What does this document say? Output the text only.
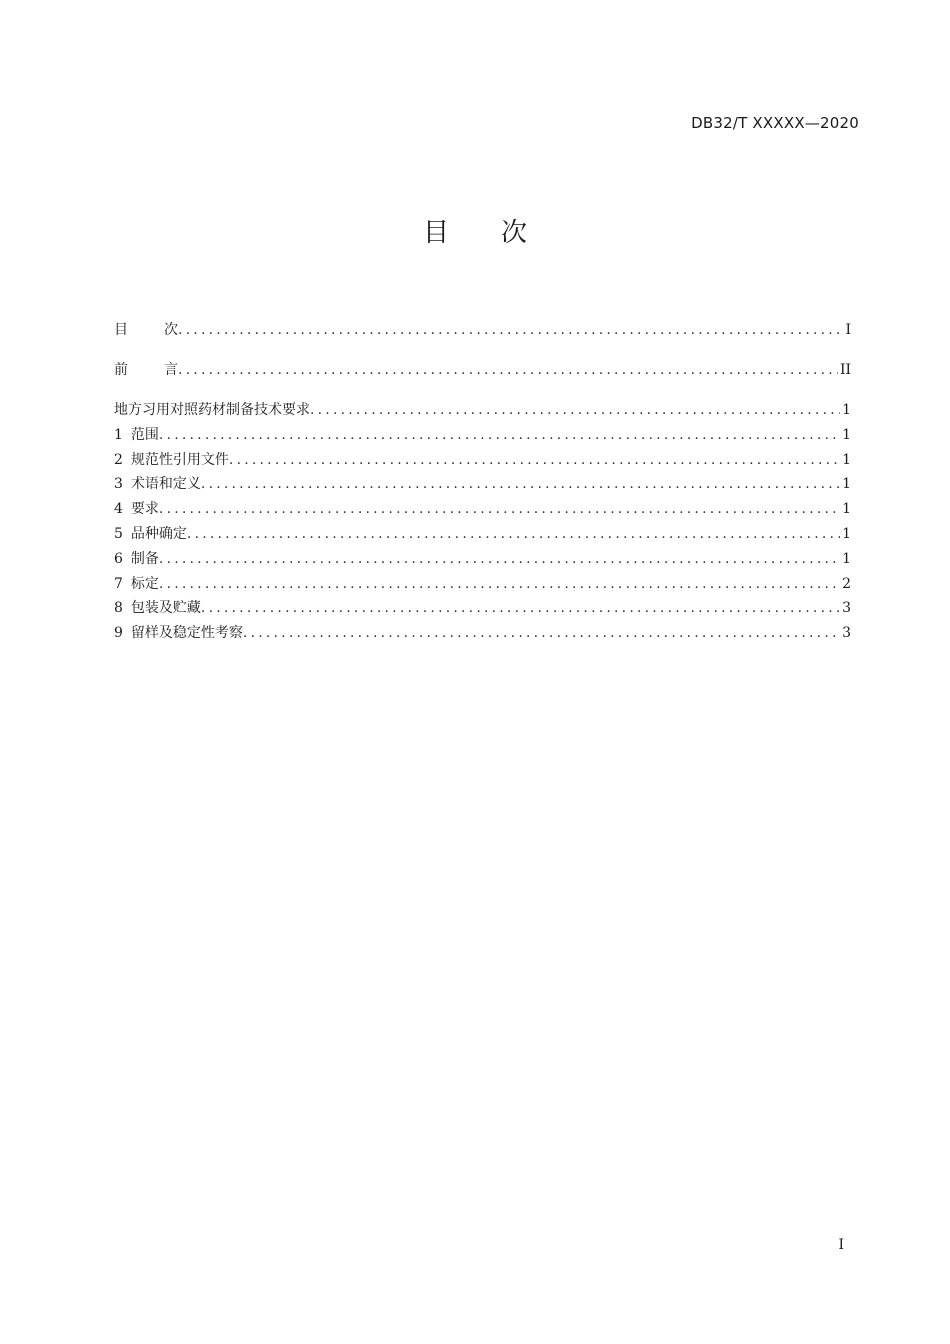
DB32/T XXXXX—2020
目 次
目	次 .....	I
前	言 .....	II
地方习用对照药材制备技术要求 .....	1
1 范围 .....	1
2 规范性引用文件 .....	1
3 术语和定义 .....	1
4 要求 .....	1
5 品种确定 .....	1
6 制备 .....	1
7 标定 .....	2
8 包装及贮藏 .....	3
9 留样及稳定性考察 .....	3
I
